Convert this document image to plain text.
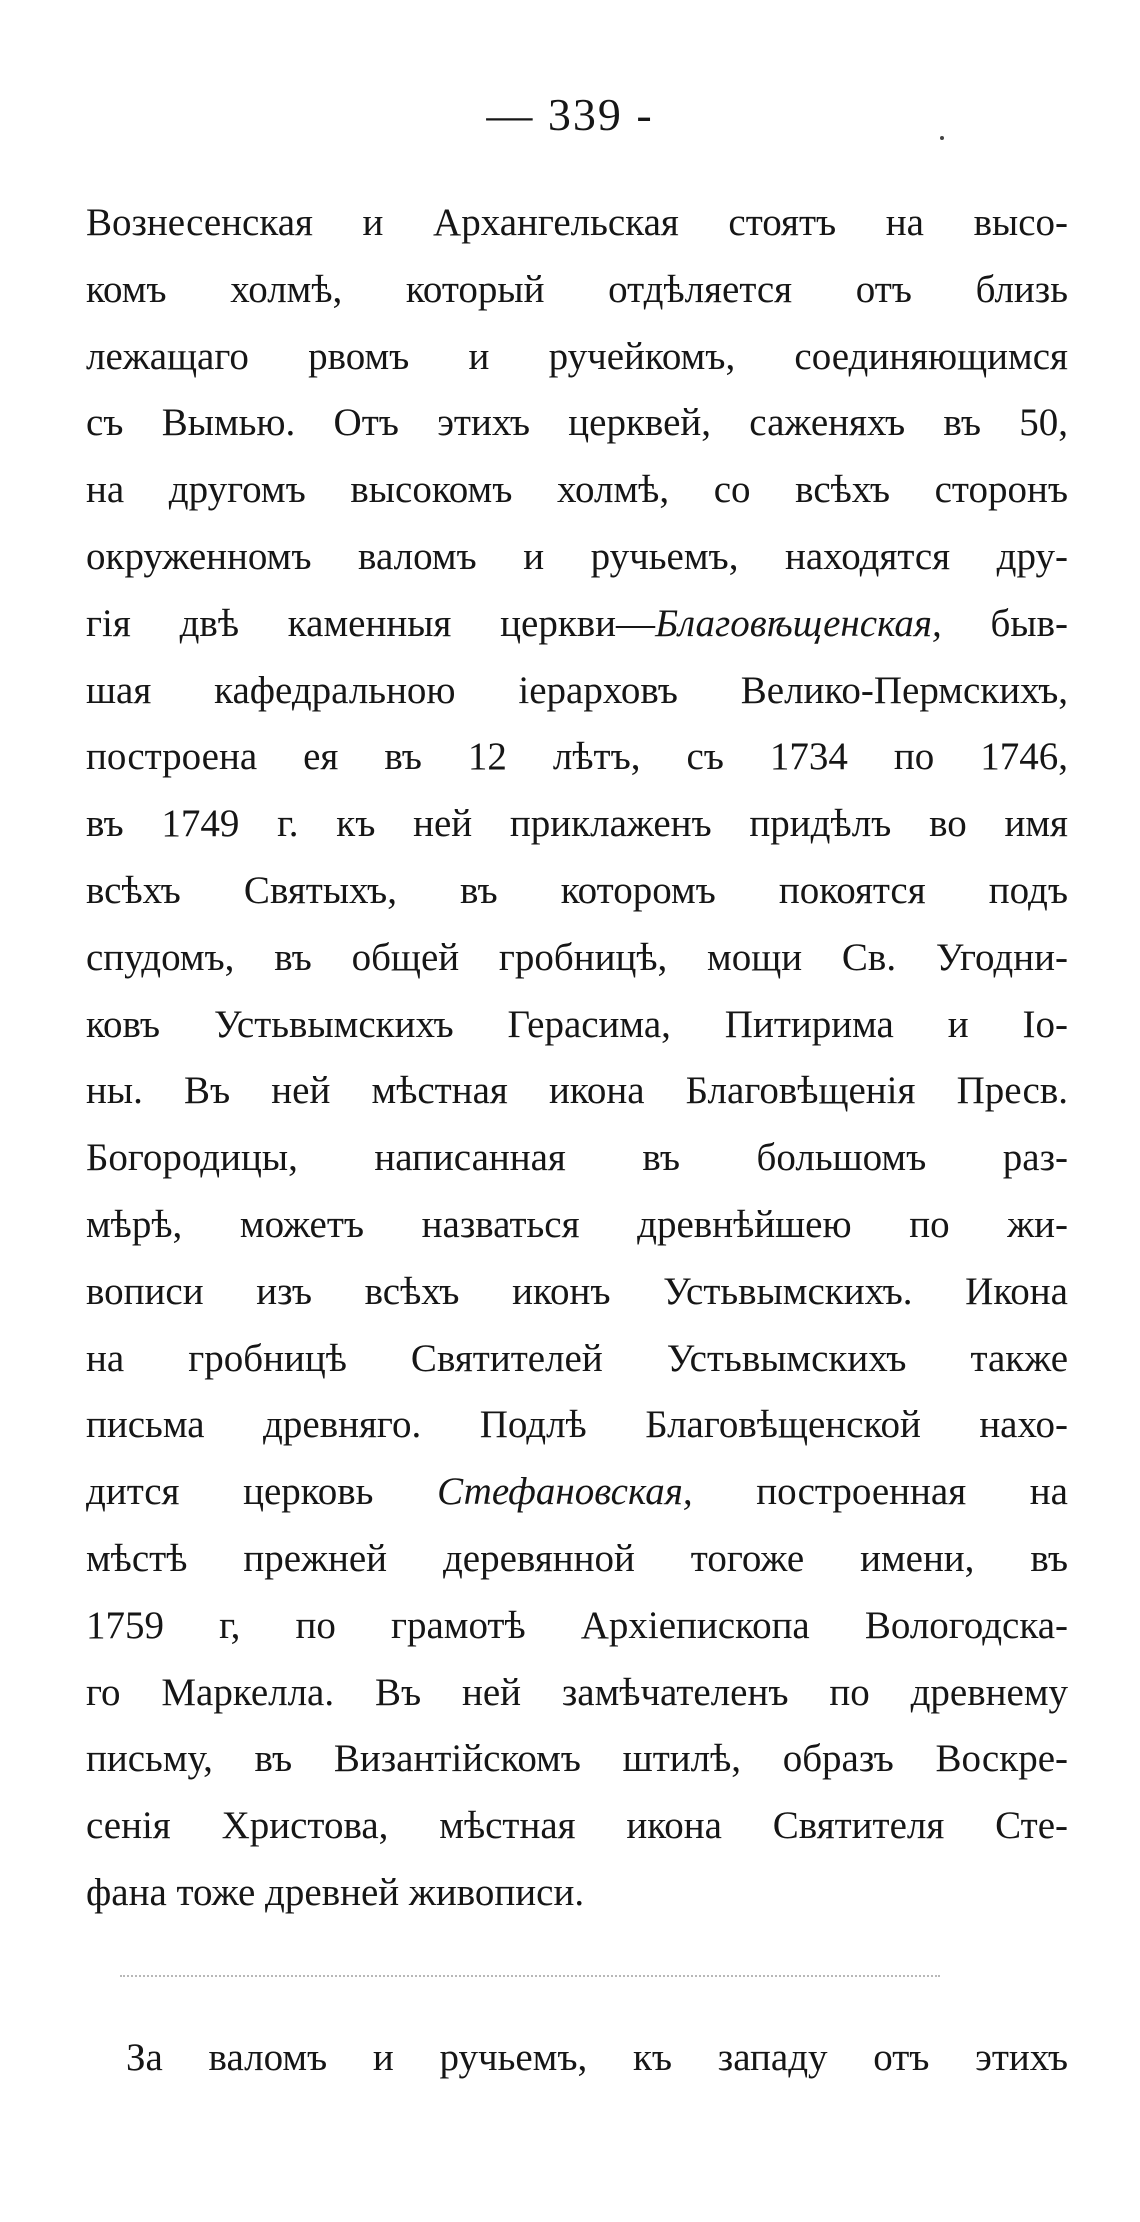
— 339 -
Вознесенская и Архангельская стоятъ на высо-
комъ холмѣ, который отдѣляется отъ близь
лежащаго рвомъ и ручейкомъ, соединяющимся
съ Вымью. Отъ этихъ церквей, саженяхъ въ 50,
на другомъ высокомъ холмѣ, со всѣхъ сторонъ
окруженномъ валомъ и ручьемъ, находятся дру-
гія двѣ каменныя церкви—Благовѣщенская, быв-
шая кафедральною іерарховъ Велико-Пермскихъ,
построена ея въ 12 лѣтъ, съ 1734 по 1746,
въ 1749 г. къ ней приклаженъ придѣлъ во имя
всѣхъ Святыхъ, въ которомъ покоятся подъ
спудомъ, въ общей гробницѣ, мощи Св. Угодни-
ковъ Устьвымскихъ Герасима, Питирима и Іо-
ны. Въ ней мѣстная икона Благовѣщенія Пресв.
Богородицы, написанная въ большомъ раз-
мѣрѣ, можетъ назваться древнѣйшею по жи-
вописи изъ всѣхъ иконъ Устьвымскихъ. Икона
на гробницѣ Святителей Устьвымскихъ также
письма древняго. Подлѣ Благовѣщенской нахо-
дится церковь Стефановская, построенная на
мѣстѣ прежней деревянной тогоже имени, въ
1759 г, по грамотѣ Архіепископа Вологодска-
го Маркелла. Въ ней замѣчателенъ по древнему
письму, въ Византійскомъ штилѣ, образъ Воскре-
сенія Христова, мѣстная икона Святителя Сте-
фана тоже древней живописи.
За валомъ и ручьемъ, къ западу отъ этихъ
